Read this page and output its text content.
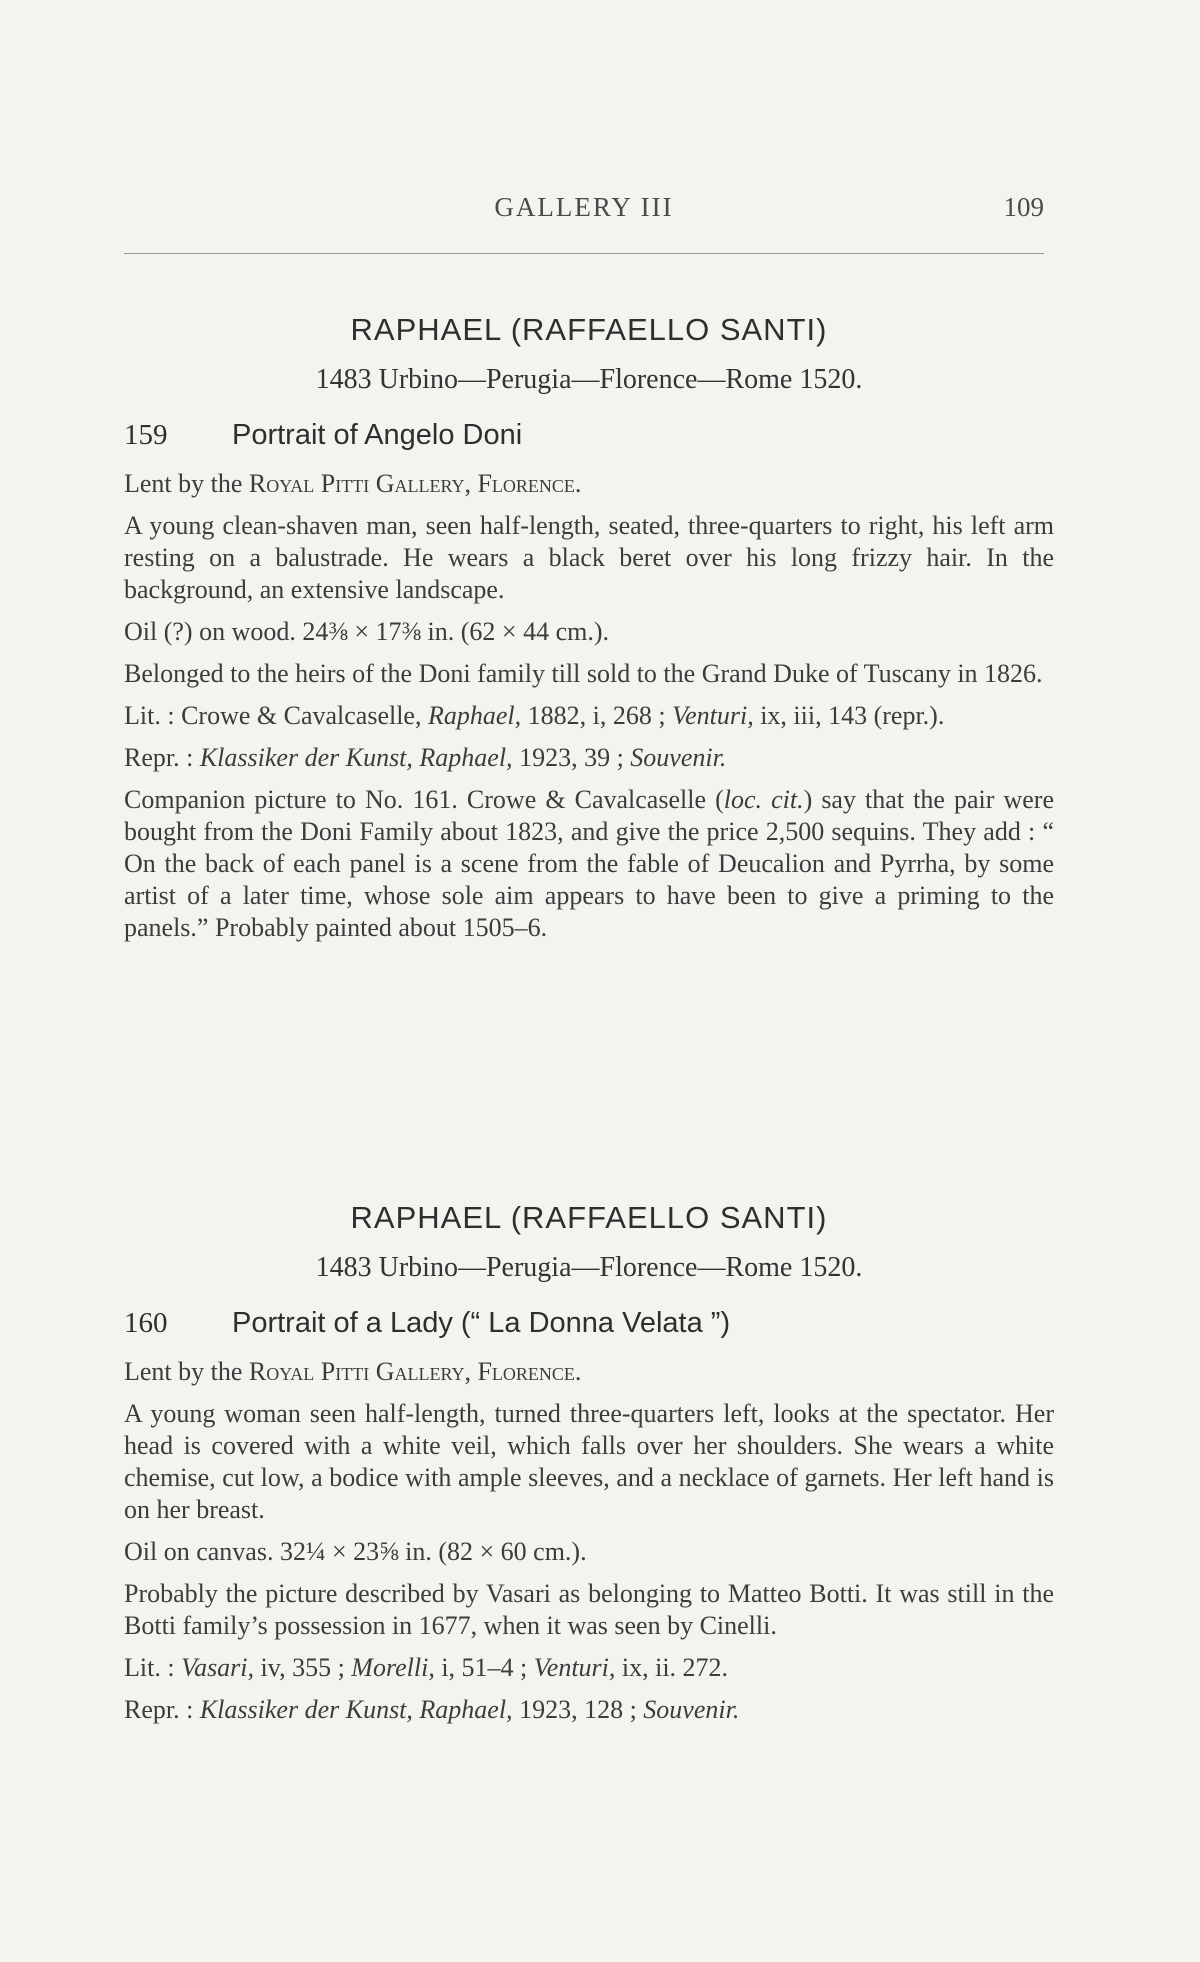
GALLERY III	109

RAPHAEL (RAFFAELLO SANTI)

1483 Urbino—Perugia—Florence—Rome 1520.

159	Portrait of Angelo Doni

Lent by the Royal Pitti Gallery, Florence.

A young clean-shaven man, seen half-length, seated, three-quarters to right, his left arm resting on a balustrade. He wears a black beret over his long frizzy hair. In the background, an extensive landscape.

Oil (?) on wood. 24⅜ × 17⅜ in. (62 × 44 cm.).

Belonged to the heirs of the Doni family till sold to the Grand Duke of Tuscany in 1826.

Lit. : Crowe & Cavalcaselle, Raphael, 1882, i, 268 ; Venturi, ix, iii, 143 (repr.).

Repr. : Klassiker der Kunst, Raphael, 1923, 39 ; Souvenir.

Companion picture to No. 161. Crowe & Cavalcaselle (loc. cit.) say that the pair were bought from the Doni Family about 1823, and give the price 2,500 sequins. They add : “ On the back of each panel is a scene from the fable of Deucalion and Pyrrha, by some artist of a later time, whose sole aim appears to have been to give a priming to the panels.” Probably painted about 1505–6.

RAPHAEL (RAFFAELLO SANTI)

1483 Urbino—Perugia—Florence—Rome 1520.

160	Portrait of a Lady (“ La Donna Velata ”)

Lent by the Royal Pitti Gallery, Florence.

A young woman seen half-length, turned three-quarters left, looks at the spectator. Her head is covered with a white veil, which falls over her shoulders. She wears a white chemise, cut low, a bodice with ample sleeves, and a necklace of garnets. Her left hand is on her breast.

Oil on canvas. 32¼ × 23⅝ in. (82 × 60 cm.).

Probably the picture described by Vasari as belonging to Matteo Botti. It was still in the Botti family’s possession in 1677, when it was seen by Cinelli.

Lit. : Vasari, iv, 355 ; Morelli, i, 51–4 ; Venturi, ix, ii. 272.

Repr. : Klassiker der Kunst, Raphael, 1923, 128 ; Souvenir.
